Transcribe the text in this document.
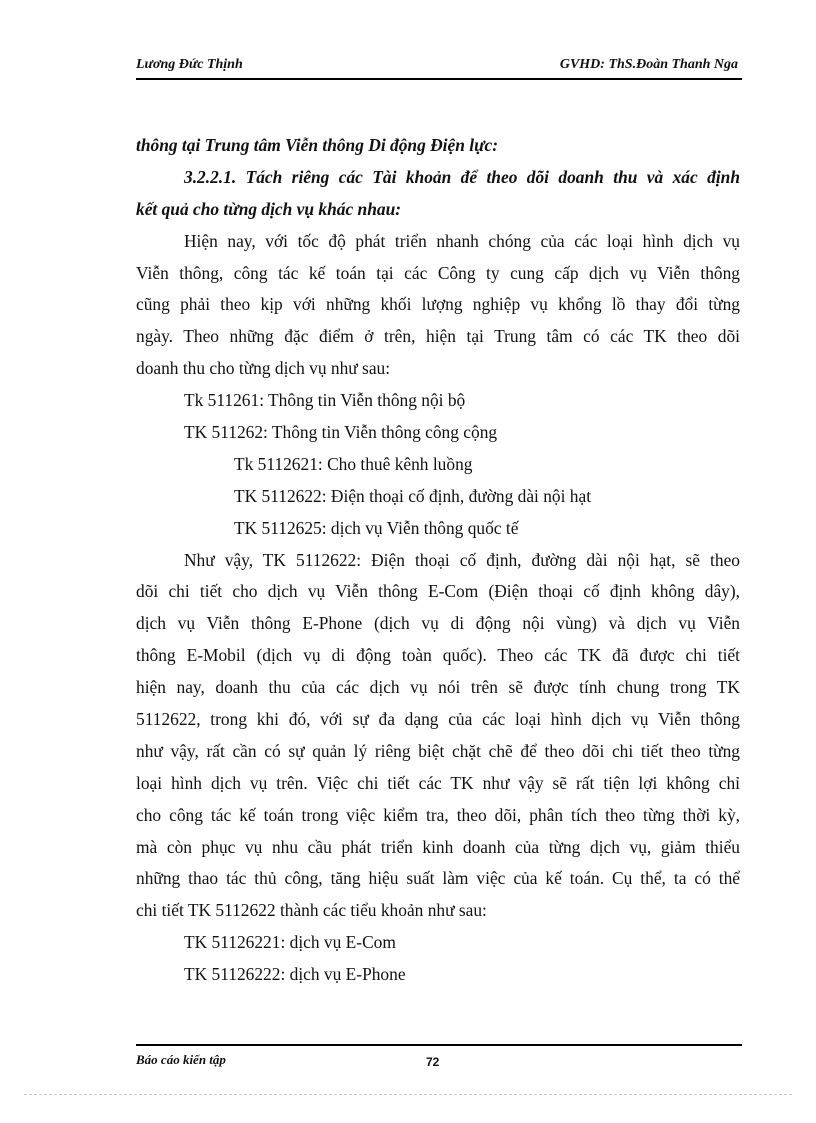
Lương Đức Thịnh	GVHD: ThS.Đoàn Thanh Nga
thông tại Trung tâm Viễn thông Di động Điện lực:
3.2.2.1. Tách riêng các Tài khoản để theo dõi doanh thu và xác định
kết quả cho từng dịch vụ khác nhau:
Hiện nay, với tốc độ phát triển nhanh chóng của các loại hình dịch vụ
Viễn thông, công tác kế toán tại các Công ty cung cấp dịch vụ Viễn thông
cũng phải theo kịp với những khối lượng nghiệp vụ khổng lồ thay đổi từng
ngày. Theo những đặc điểm ở trên, hiện tại Trung tâm có các TK theo dõi
doanh thu cho từng dịch vụ như sau:
Tk 511261: Thông tin Viễn thông nội bộ
TK 511262: Thông tin Viễn thông công cộng
Tk 5112621: Cho thuê kênh luồng
TK 5112622: Điện thoại cố định, đường dài nội hạt
TK 5112625: dịch vụ Viễn thông quốc tế
Như vậy, TK 5112622: Điện thoại cố định, đường dài nội hạt, sẽ theo
dõi chi tiết cho dịch vụ Viễn thông E-Com (Điện thoại cố định không dây),
dịch vụ Viễn thông E-Phone (dịch vụ di động nội vùng) và dịch vụ Viễn
thông E-Mobil (dịch vụ di động toàn quốc). Theo các TK đã được chi tiết
hiện nay, doanh thu của các dịch vụ nói trên sẽ được tính chung trong TK
5112622, trong khi đó, với sự đa dạng của các loại hình dịch vụ Viễn thông
như vậy, rất cần có sự quản lý riêng biệt chặt chẽ để theo dõi chi tiết theo từng
loại hình dịch vụ trên. Việc chi tiết các TK như vậy sẽ rất tiện lợi không chỉ
cho công tác kế toán trong việc kiểm tra, theo dõi, phân tích theo từng thời kỳ,
mà còn phục vụ nhu cầu phát triển kinh doanh của từng dịch vụ, giảm thiểu
những thao tác thủ công, tăng hiệu suất làm việc của kế toán. Cụ thể, ta có thể
chi tiết TK 5112622 thành các tiểu khoản như sau:
TK 51126221: dịch vụ E-Com
TK 51126222: dịch vụ E-Phone
Báo cáo kiến tập	72
